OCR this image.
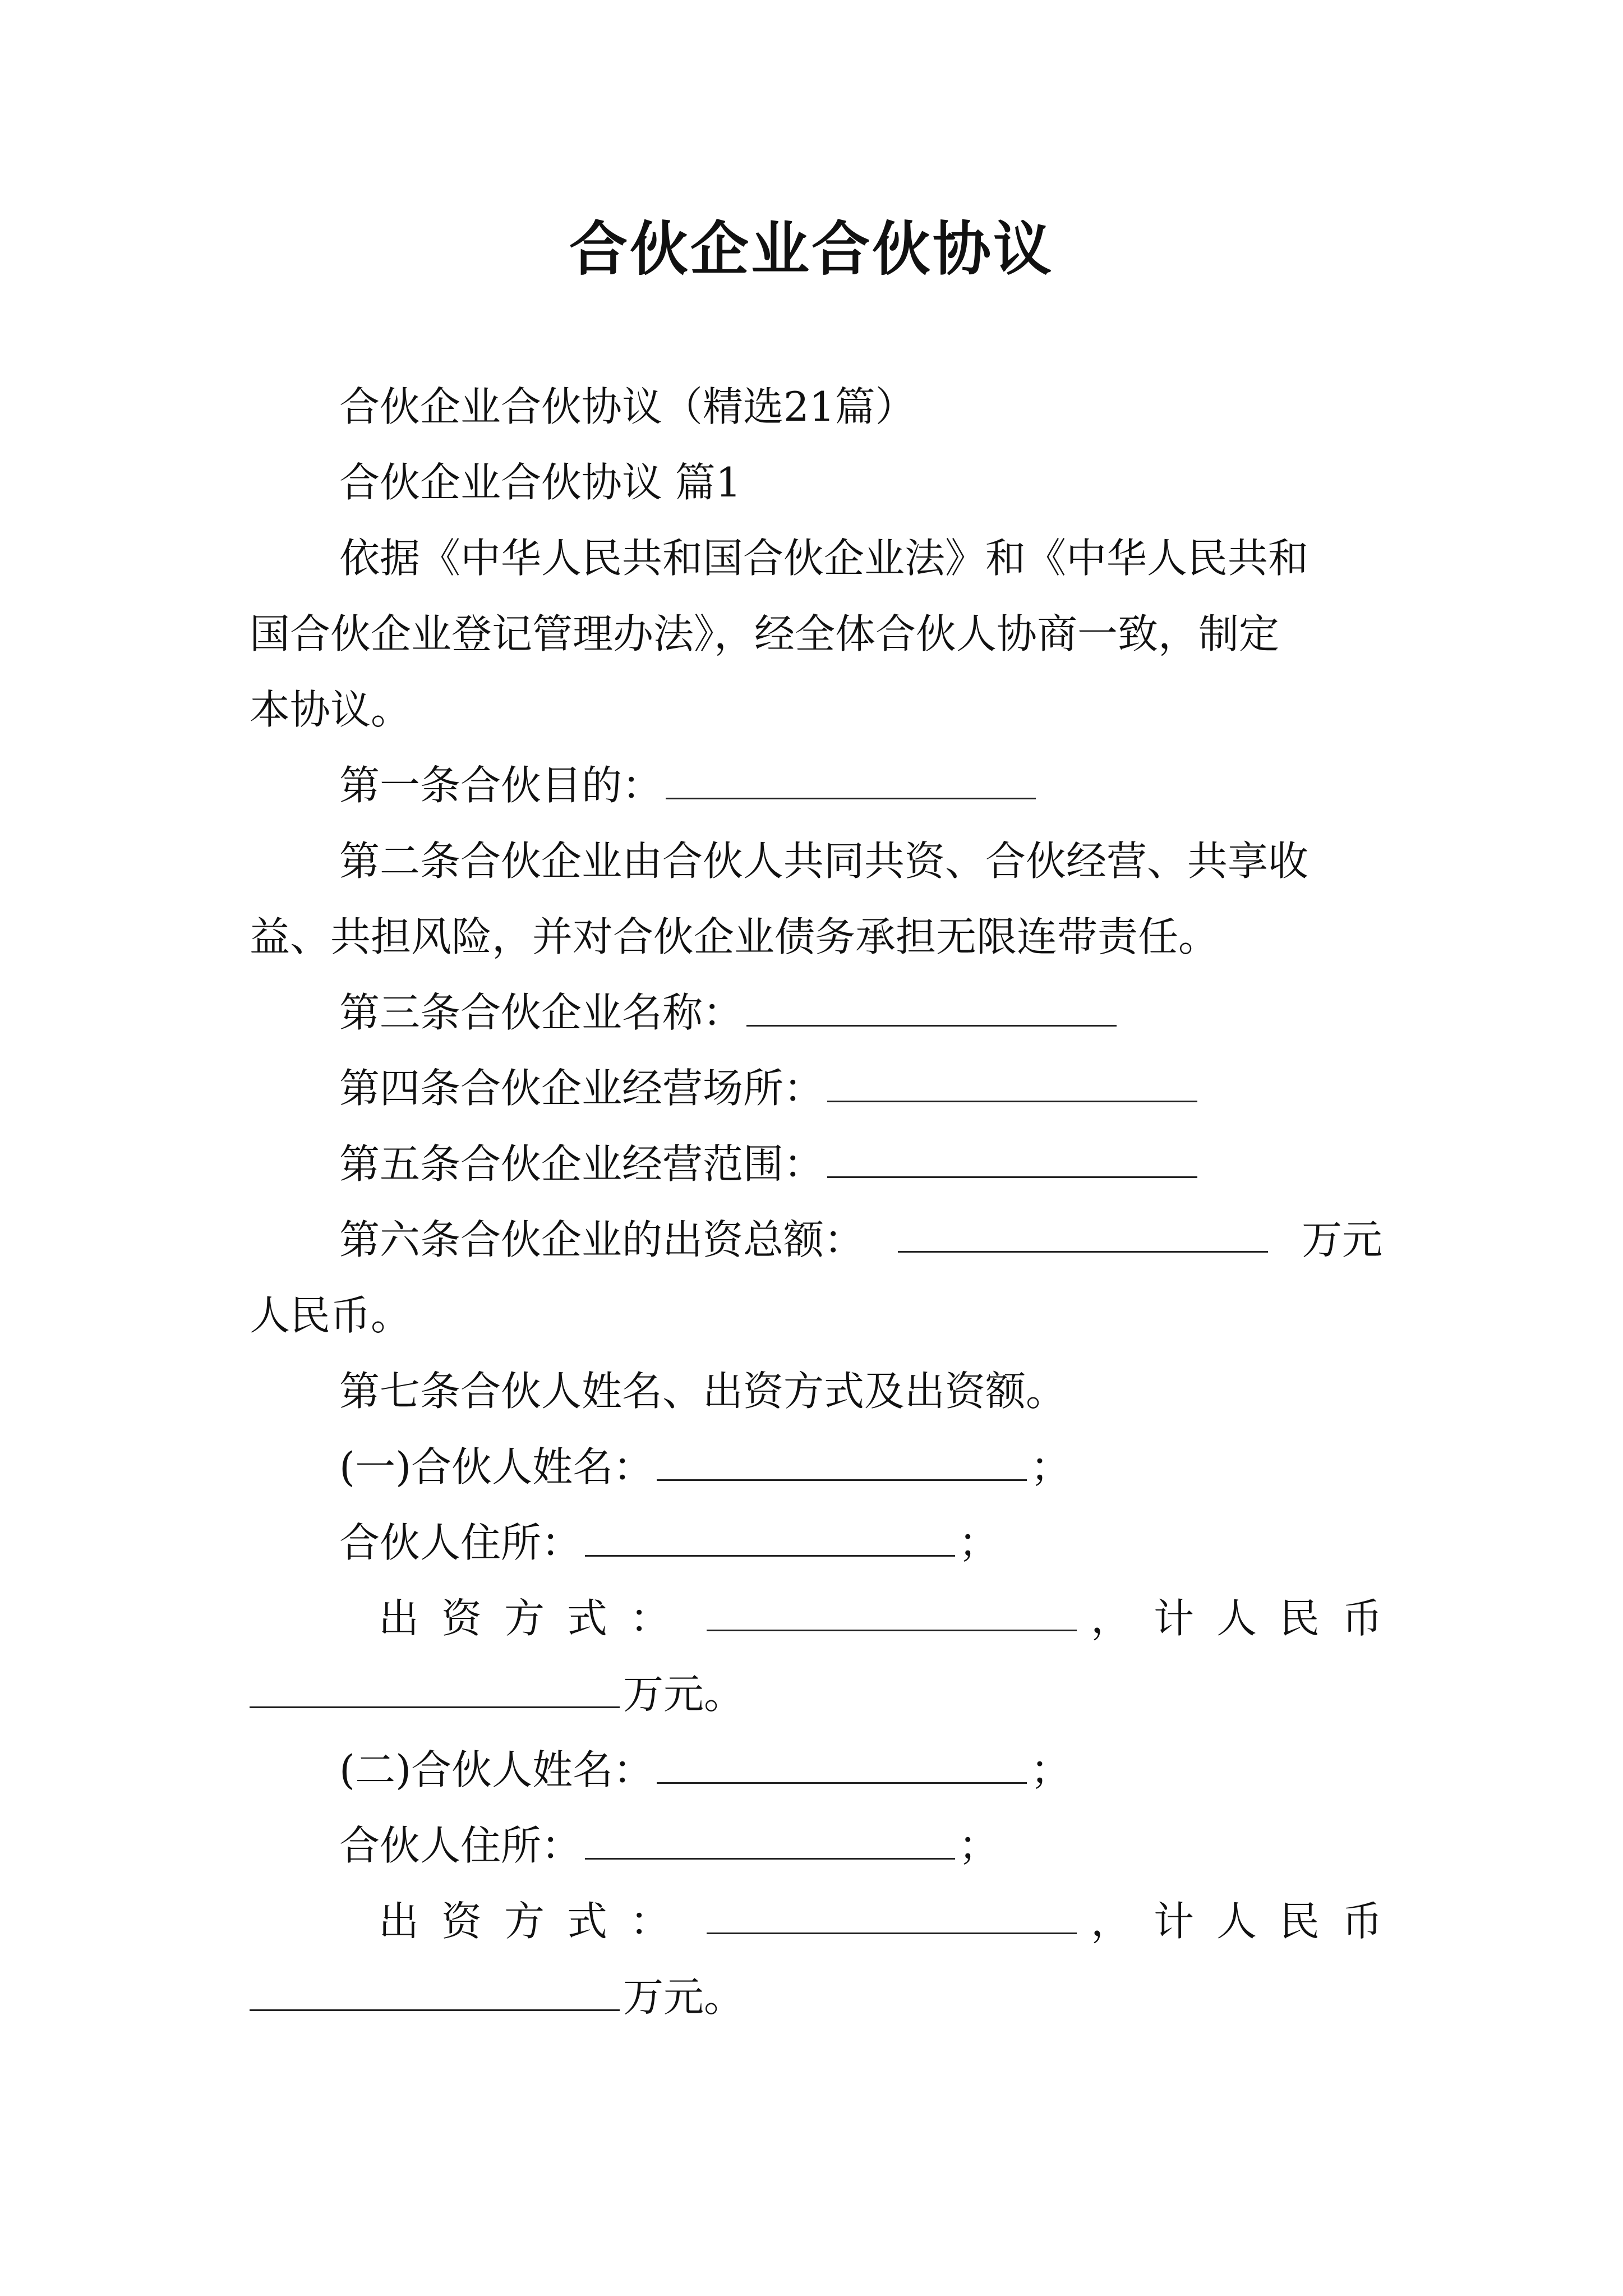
合伙企业合伙协议
合伙企业合伙协议（精选21篇）
合伙企业合伙协议 篇1
依据《中华人民共和国合伙企业法》和《中华人民共和
国合伙企业登记管理办法》，经全体合伙人协商一致，制定
本协议。
第一条合伙目的：
第二条合伙企业由合伙人共同共资、合伙经营、共享收
益、共担风险，并对合伙企业债务承担无限连带责任。
第三条合伙企业名称：
第四条合伙企业经营场所：
第五条合伙企业经营范围：
第六条合伙企业的出资总额：	万元
人民币。
第七条合伙人姓名、出资方式及出资额。
(一)合伙人姓名：	；
合伙人住所：	；
出资方式：	，计人民币
万元。
(二)合伙人姓名：	；
合伙人住所：	；
出资方式：	，计人民币
万元。
